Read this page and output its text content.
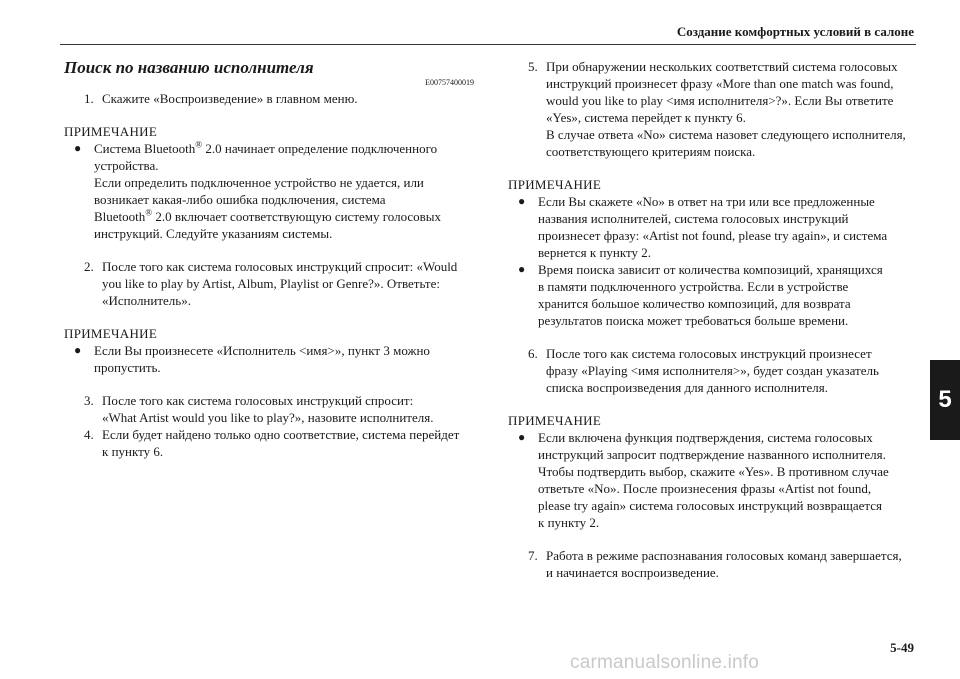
Создание комфортных условий в салоне
5
Поиск по названию исполнителя
E00757400019
1. Скажите «Воспроизведение» в главном меню.
ПРИМЕЧАНИЕ
● Система Bluetooth® 2.0 начинает определение подключенного
устройства.
Если определить подключенное устройство не удается, или
возникает какая-либо ошибка подключения, система
Bluetooth® 2.0 включает соответствующую систему голосовых
инструкций. Следуйте указаниям системы.
2. После того как система голосовых инструкций спросит: «Would
you like to play by Artist, Album, Playlist or Genre?». Ответьте:
«Исполнитель».
ПРИМЕЧАНИЕ
● Если Вы произнесете «Исполнитель <имя>», пункт 3 можно
пропустить.
3. После того как система голосовых инструкций спросит:
«What Artist would you like to play?», назовите исполнителя.
4. Если будет найдено только одно соответствие, система перейдет
к пункту 6.
5. При обнаружении нескольких соответствий система голосовых
инструкций произнесет фразу «More than one match was found,
would you like to play <имя исполнителя>?». Если Вы ответите
«Yes», система перейдет к пункту 6.
В случае ответа «No» система назовет следующего исполнителя,
соответствующего критериям поиска.
ПРИМЕЧАНИЕ
● Если Вы скажете «No» в ответ на три или все предложенные
названия исполнителей, система голосовых инструкций
произнесет фразу: «Artist not found, please try again», и система
вернется к пункту 2.
● Время поиска зависит от количества композиций, хранящихся
в памяти подключенного устройства. Если в устройстве
хранится большое количество композиций, для возврата
результатов поиска может требоваться больше времени.
6. После того как система голосовых инструкций произнесет
фразу «Playing <имя исполнителя>», будет создан указатель
списка воспроизведения для данного исполнителя.
ПРИМЕЧАНИЕ
● Если включена функция подтверждения, система голосовых
инструкций запросит подтверждение названного исполнителя.
Чтобы подтвердить выбор, скажите «Yes». В противном случае
ответьте «No». После произнесения фразы «Artist not found,
please try again» система голосовых инструкций возвращается
к пункту 2.
7. Работа в режиме распознавания голосовых команд завершается,
и начинается воспроизведение.
5-49
carmanualsonline.info
